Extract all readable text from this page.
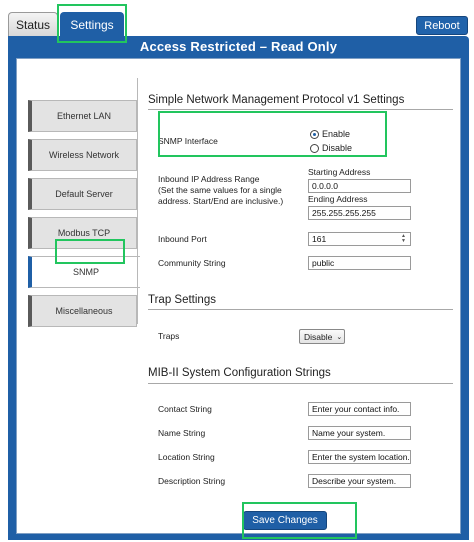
Status	Settings	Reboot
Access Restricted – Read Only
Ethernet LAN
Wireless Network
Default Server
Modbus TCP
SNMP
Miscellaneous
Simple Network Management Protocol v1 Settings
SNMP Interface
Enable
Disable
Inbound IP Address Range
(Set the same values for a single address. Start/End are inclusive.)
Starting Address
0.0.0.0
Ending Address
255.255.255.255
Inbound Port	161	▲
▼
Community String	public
Trap Settings
Traps	Disable ⌄
MIB-II System Configuration Strings
Contact String	Enter your contact info.
Name String	Name your system.
Location String	Enter the system location.
Description String	Describe your system.
Save Changes
